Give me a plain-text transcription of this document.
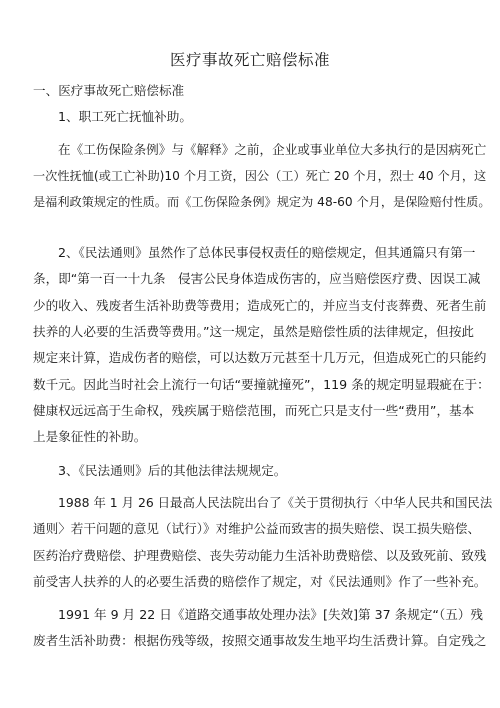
医疗事故死亡赔偿标准
一、医疗事故死亡赔偿标准
1、职工死亡抚恤补助。
在《工伤保险条例》与《解释》之前，企业或事业单位大多执行的是因病死亡
一次性抚恤(或工亡补助)10 个月工资，因公（工）死亡 20 个月，烈士 40 个月，这
是福利政策规定的性质。而《工伤保险条例》规定为 48-60 个月，是保险赔付性质。
2、《民法通则》虽然作了总体民事侵权责任的赔偿规定，但其通篇只有第一
条，即“第一百一十九条　侵害公民身体造成伤害的，应当赔偿医疗费、因误工减
少的收入、残废者生活补助费等费用；造成死亡的，并应当支付丧葬费、死者生前
扶养的人必要的生活费等费用。”这一规定，虽然是赔偿性质的法律规定，但按此
规定来计算，造成伤者的赔偿，可以达数万元甚至十几万元，但造成死亡的只能约
数千元。因此当时社会上流行一句话“要撞就撞死”，119 条的规定明显瑕疵在于：
健康权远远高于生命权，残疾属于赔偿范围，而死亡只是支付一些“费用”，基本
上是象征性的补助。
3、《民法通则》后的其他法律法规规定。
1988 年 1 月 26 日最高人民法院出台了《关于贯彻执行〈中华人民共和国民法
通则〉若干问题的意见（试行）》对维护公益而致害的损失赔偿、误工损失赔偿、
医药治疗费赔偿、护理费赔偿、丧失劳动能力生活补助费赔偿、以及致死前、致残
前受害人扶养的人的必要生活费的赔偿作了规定，对《民法通则》作了一些补充。
1991 年 9 月 22 日《道路交通事故处理办法》[失效]第 37 条规定“（五）残
废者生活补助费：根据伤残等级，按照交通事故发生地平均生活费计算。自定残之
